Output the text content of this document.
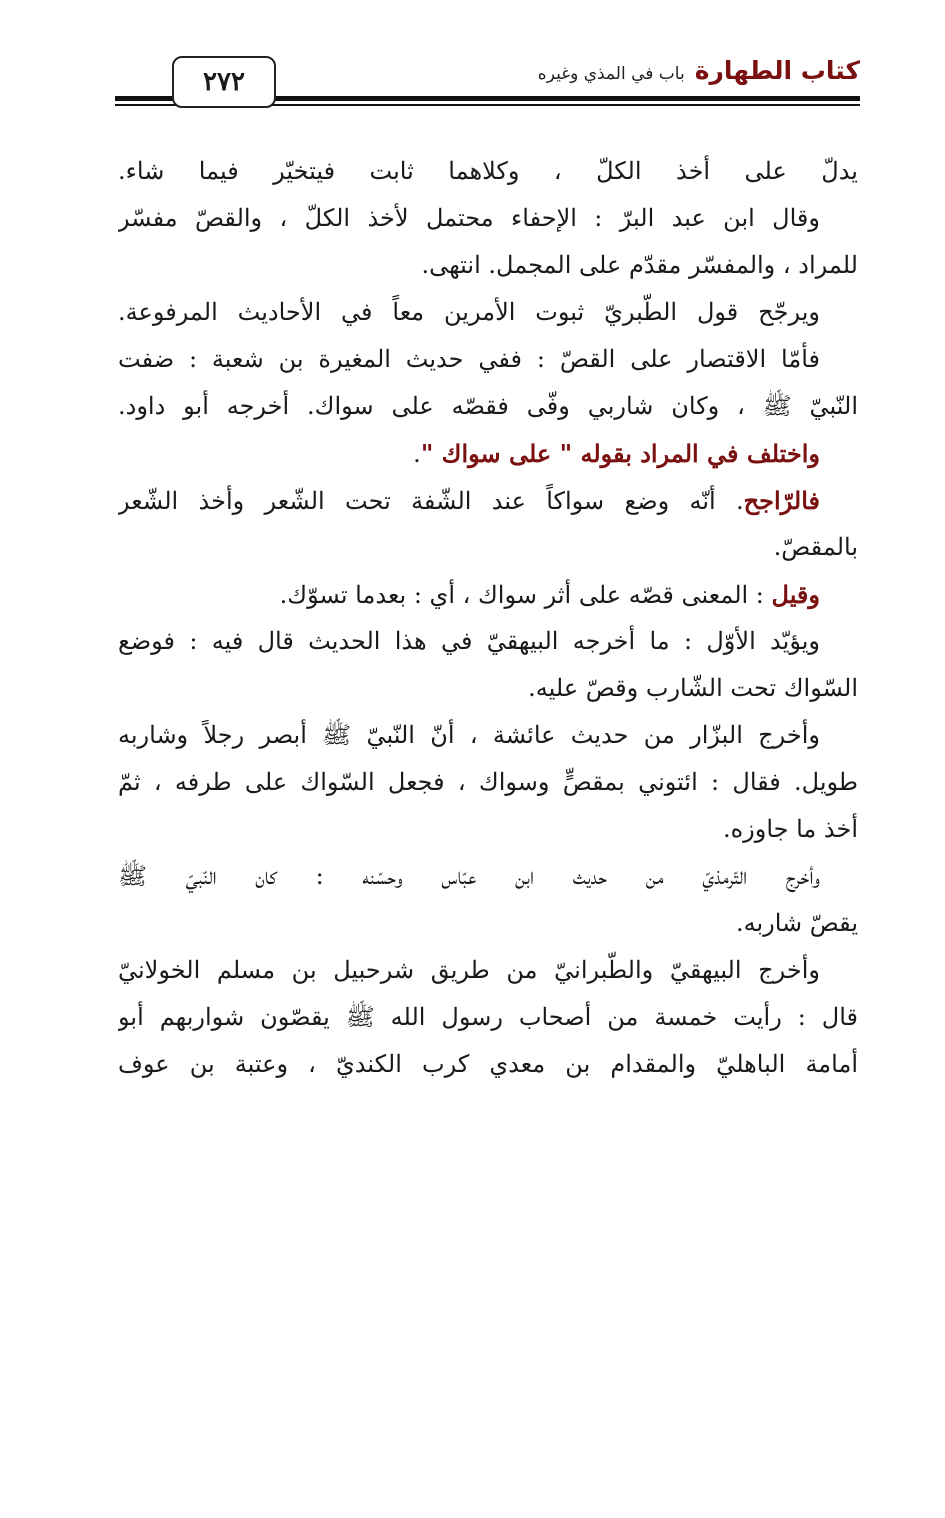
٢٧٢	كتاب الطهارةباب في المذي وغيره
يدلّ على أخذ الكلّ ، وكلاهما ثابت فيتخيّر فيما شاء.
وقال ابن عبد البرّ : الإحفاء محتمل لأخذ الكلّ ، والقصّ مفسّر
للمراد ، والمفسّر مقدّم على المجمل. انتهى.
ويرجّح قول الطّبريّ ثبوت الأمرين معاً في الأحاديث المرفوعة.
فأمّا الاقتصار على القصّ : ففي حديث المغيرة بن شعبة : ضفت
النّبيّ ﷺ ، وكان شاربي وفّى فقصّه على سواك. أخرجه أبو داود.
واختلف في المراد بقوله " على سواك ".
فالرّاجح. أنّه وضع سواكاً عند الشّفة تحت الشّعر وأخذ الشّعر
بالمقصّ.
وقيل : المعنى قصّه على أثر سواك ، أي : بعدما تسوّك.
ويؤيّد الأوّل : ما أخرجه البيهقيّ في هذا الحديث قال فيه : فوضع
السّواك تحت الشّارب وقصّ عليه.
وأخرج البزّار من حديث عائشة ، أنّ النّبيّ ﷺ أبصر رجلاً وشاربه
طويل. فقال : ائتوني بمقصٍّ وسواك ، فجعل السّواك على طرفه ، ثمّ
أخذ ما جاوزه.
وأخرج التّرمذيّ من حديث ابن عبّاس وحسّنه : كان النّبيّ ﷺ
يقصّ شاربه.
وأخرج البيهقيّ والطّبرانيّ من طريق شرحبيل بن مسلم الخولانيّ
قال : رأيت خمسة من أصحاب رسول الله ﷺ يقصّون شواربهم أبو
أمامة الباهليّ والمقدام بن معدي كرب الكنديّ ، وعتبة بن عوف
